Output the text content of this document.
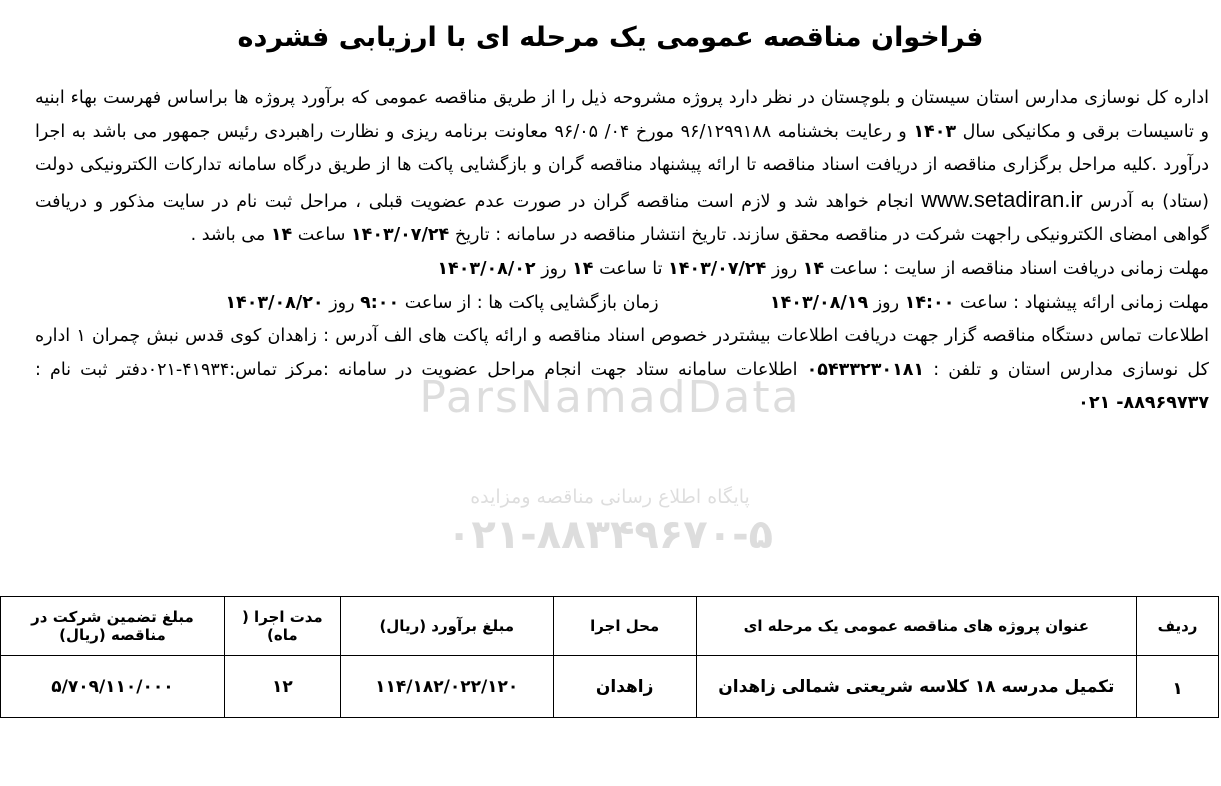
ParsNamadData
پایگاه اطلاع رسانی مناقصه ومزایده
۰۲۱-۸۸۳۴۹۶۷۰-۵
فراخوان مناقصه عمومی یک مرحله ای با ارزیابی فشرده

اداره کل نوسازی مدارس استان سیستان و بلوچستان در نظر دارد پروژه مشروحه ذیل را از طریق مناقصه عمومی که برآورد پروژه ها براساس فهرست بهاء ابنیه و تاسیسات برقی و مکانیکی سال ۱۴۰۳ و رعایت بخشنامه ۹۶/۱۲۹۹۱۸۸ مورخ ۰۴/ ۹۶/۰۵ معاونت برنامه ریزی و نظارت راهبردی رئیس جمهور می باشد به اجرا درآورد .کلیه مراحل برگزاری مناقصه از دریافت اسناد مناقصه تا ارائه پیشنهاد مناقصه گران و بازگشایی پاکت ها از طریق درگاه سامانه تدارکات الکترونیکی دولت (ستاد) به آدرس www.setadiran.ir انجام خواهد شد و لازم است مناقصه گران در صورت عدم عضویت قبلی ، مراحل ثبت نام در سایت مذکور و دریافت گواهی امضای الکترونیکی راجهت شرکت در مناقصه محقق سازند. تاریخ انتشار مناقصه در سامانه : تاریخ ۱۴۰۳/۰۷/۲۴ ساعت ۱۴ می باشد .

مهلت زمانی دریافت اسناد مناقصه از سایت : ساعت ۱۴ روز ۱۴۰۳/۰۷/۲۴ تا ساعت ۱۴ روز ۱۴۰۳/۰۸/۰۲

مهلت زمانی ارائه پیشنهاد : ساعت ۱۴:۰۰ روز ۱۴۰۳/۰۸/۱۹                    زمان بازگشایی پاکت ها : از ساعت ۹:۰۰ روز ۱۴۰۳/۰۸/۲۰

اطلاعات تماس دستگاه مناقصه گزار جهت دریافت اطلاعات بیشتردر خصوص اسناد مناقصه و ارائه پاکت های الف آدرس : زاهدان کوی قدس نبش چمران ۱ اداره کل نوسازی مدارس استان و تلفن : ۰۵۴۳۳۲۳۰۱۸۱ اطلاعات سامانه ستاد جهت انجام مراحل عضویت در سامانه :مرکز تماس:۴۱۹۳۴-۰۲۱دفتر ثبت نام : ۸۸۹۶۹۷۳۷- ۰۲۱

ردیف	عنوان پروژه های مناقصه عمومی یک مرحله ای	محل اجرا	مبلغ برآورد (ریال)	مدت اجرا ( ماه)	مبلغ تضمین شرکت در مناقصه (ریال)
۱	تکمیل مدرسه ۱۸ کلاسه شریعتی شمالی زاهدان	زاهدان	۱۱۴/۱۸۲/۰۲۲/۱۲۰	۱۲	۵/۷۰۹/۱۱۰/۰۰۰
